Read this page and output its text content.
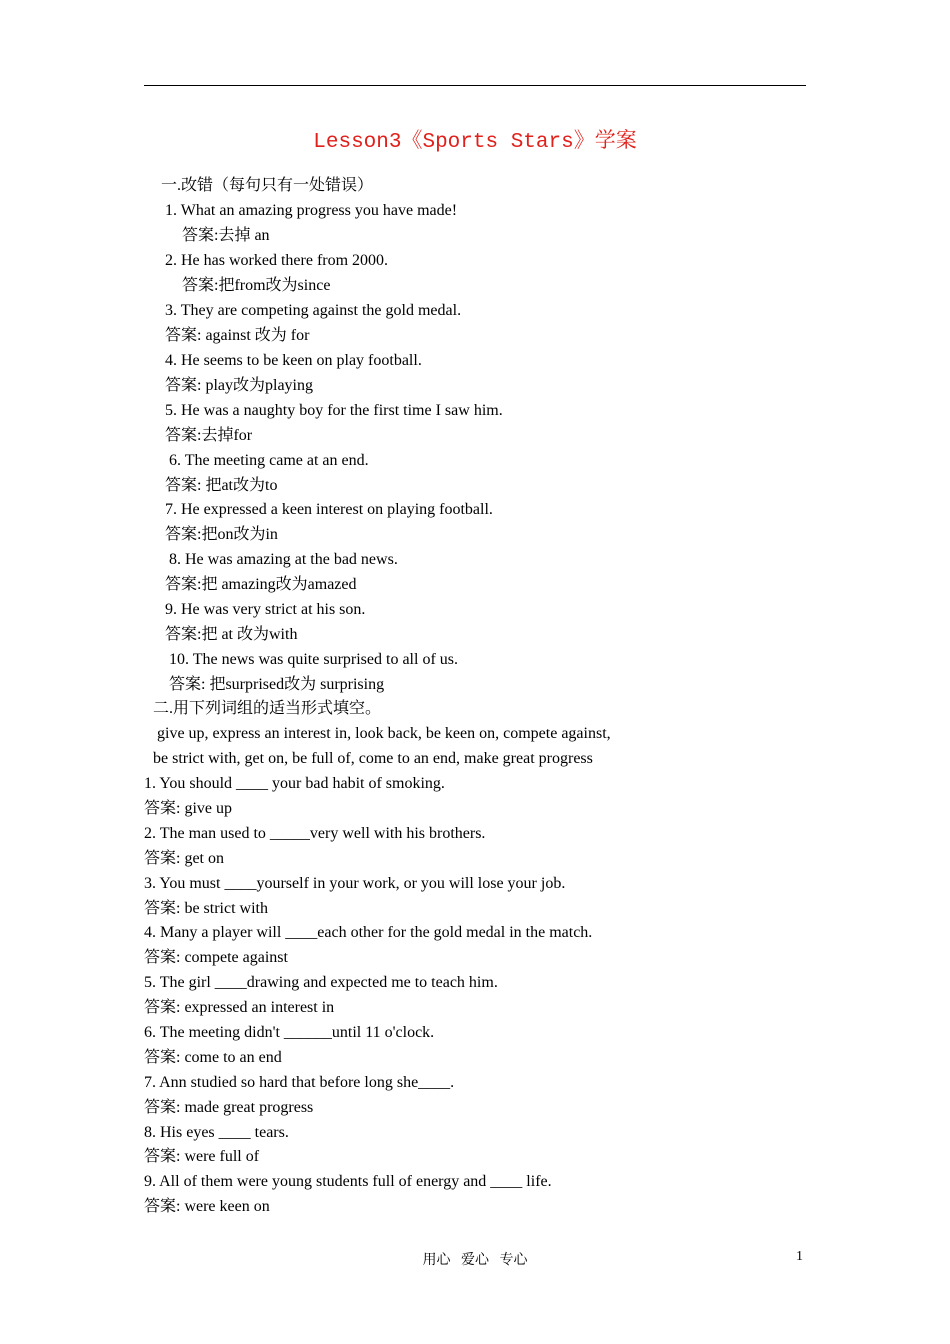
Lesson3《Sports Stars》学案
一.改错（每句只有一处错误）
1. What an amazing progress you have made!
答案:去掉 an
2. He has worked there from 2000.
答案:把from改为since
3. They are competing against the gold medal.
答案: against 改为 for
4. He seems to be keen on play football.
答案: play改为playing
5. He was a naughty boy for the first time I saw him.
答案:去掉for
6. The meeting came at an end.
答案: 把at改为to
7. He expressed a keen interest on playing football.
答案:把on改为in
8. He was amazing at the bad news.
答案:把 amazing改为amazed
9. He was very strict at his son.
答案:把 at 改为with
10. The news was quite surprised to all of us.
答案: 把surprised改为 surprising
二.用下列词组的适当形式填空。
give up, express an interest in, look back, be keen on, compete against,
be strict with, get on, be full of, come to an end, make great progress
1. You should ____ your bad habit of smoking.
答案: give up
2. The man used to _____very well with his brothers.
答案: get on
3. You must ____yourself in your work, or you will lose your job.
答案: be strict with
4. Many a player will ____each other for the gold medal in the match.
答案: compete against
5. The girl ____drawing and expected me to teach him.
答案: expressed an interest in
6. The meeting didn't ______until 11 o'clock.
答案: come to an end
7. Ann studied so hard that before long she____.
答案: made great progress
8. His eyes ____ tears.
答案: were full of
9. All of them were young students full of energy and ____ life.
答案: were keen on
用心   爱心   专心	1
